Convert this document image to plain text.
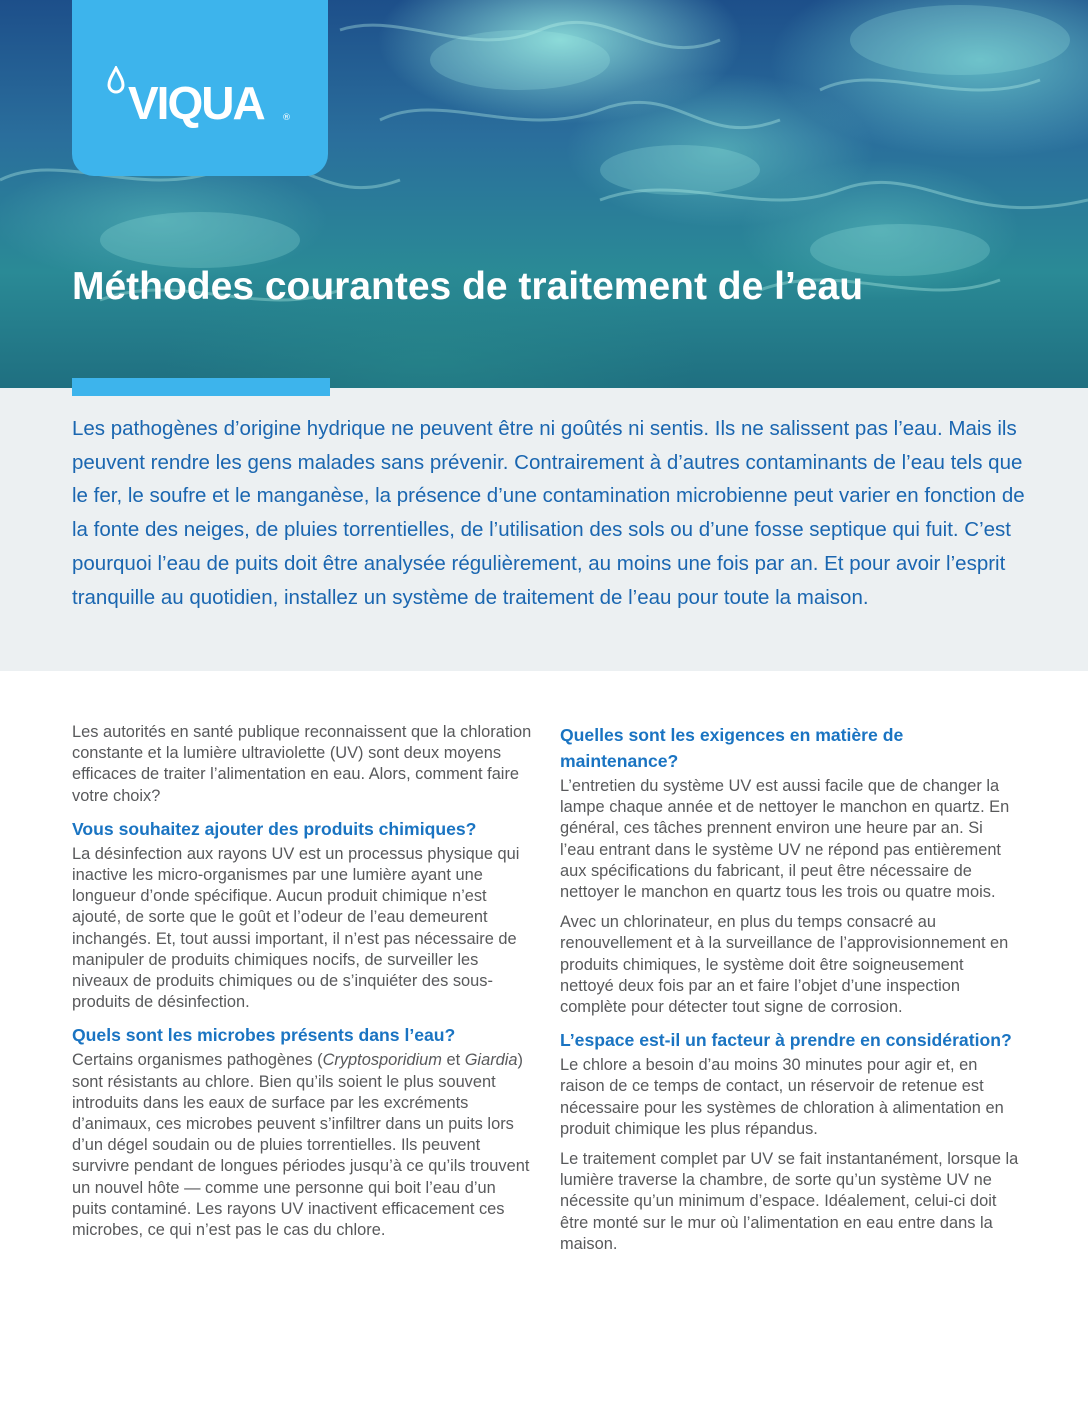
VIQUA ®
Méthodes courantes de traitement de l’eau

Les pathogènes d’origine hydrique ne peuvent être ni goûtés ni sentis. Ils ne salissent pas l’eau. Mais ils peuvent rendre les gens malades sans prévenir. Contrairement à d’autres contaminants de l’eau tels que le fer, le soufre et le manganèse, la présence d’une contamination microbienne peut varier en fonction de la fonte des neiges, de pluies torrentielles, de l’utilisation des sols ou d’une fosse septique qui fuit. C’est pourquoi l’eau de puits doit être analysée régulièrement, au moins une fois par an. Et pour avoir l’esprit tranquille au quotidien, installez un système de traitement de l’eau pour toute la maison.

Les autorités en santé publique reconnaissent que la chloration constante et la lumière ultraviolette (UV) sont deux moyens efficaces de traiter l’alimentation en eau. Alors, comment faire votre choix?

Vous souhaitez ajouter des produits chimiques?

La désinfection aux rayons UV est un processus physique qui inactive les micro-organismes par une lumière ayant une longueur d’onde spécifique. Aucun produit chimique n’est ajouté, de sorte que le goût et l’odeur de l’eau demeurent inchangés. Et, tout aussi important, il n’est pas nécessaire de manipuler de produits chimiques nocifs, de surveiller les niveaux de produits chimiques ou de s’inquiéter des sous-produits de désinfection.

Quels sont les microbes présents dans l’eau?

Certains organismes pathogènes (Cryptosporidium et Giardia) sont résistants au chlore. Bien qu’ils soient le plus souvent introduits dans les eaux de surface par les excréments d’animaux, ces microbes peuvent s’infiltrer dans un puits lors d’un dégel soudain ou de pluies torrentielles. Ils peuvent survivre pendant de longues périodes jusqu’à ce qu’ils trouvent un nouvel hôte — comme une personne qui boit l’eau d’un puits contaminé. Les rayons UV inactivent efficacement ces microbes, ce qui n’est pas le cas du chlore.

Quelles sont les exigences en matière de maintenance?

L’entretien du système UV est aussi facile que de changer la lampe chaque année et de nettoyer le manchon en quartz. En général, ces tâches prennent environ une heure par an. Si l’eau entrant dans le système UV ne répond pas entièrement aux spécifications du fabricant, il peut être nécessaire de nettoyer le manchon en quartz tous les trois ou quatre mois.

Avec un chlorinateur, en plus du temps consacré au renouvellement et à la surveillance de l’approvisionnement en produits chimiques, le système doit être soigneusement nettoyé deux fois par an et faire l’objet d’une inspection complète pour détecter tout signe de corrosion.

L’espace est-il un facteur à prendre en considération?

Le chlore a besoin d’au moins 30 minutes pour agir et, en raison de ce temps de contact, un réservoir de retenue est nécessaire pour les systèmes de chloration à alimentation en produit chimique les plus répandus.

Le traitement complet par UV se fait instantanément, lorsque la lumière traverse la chambre, de sorte qu’un système UV ne nécessite qu’un minimum d’espace. Idéalement, celui-ci doit être monté sur le mur où l’alimentation en eau entre dans la maison.
